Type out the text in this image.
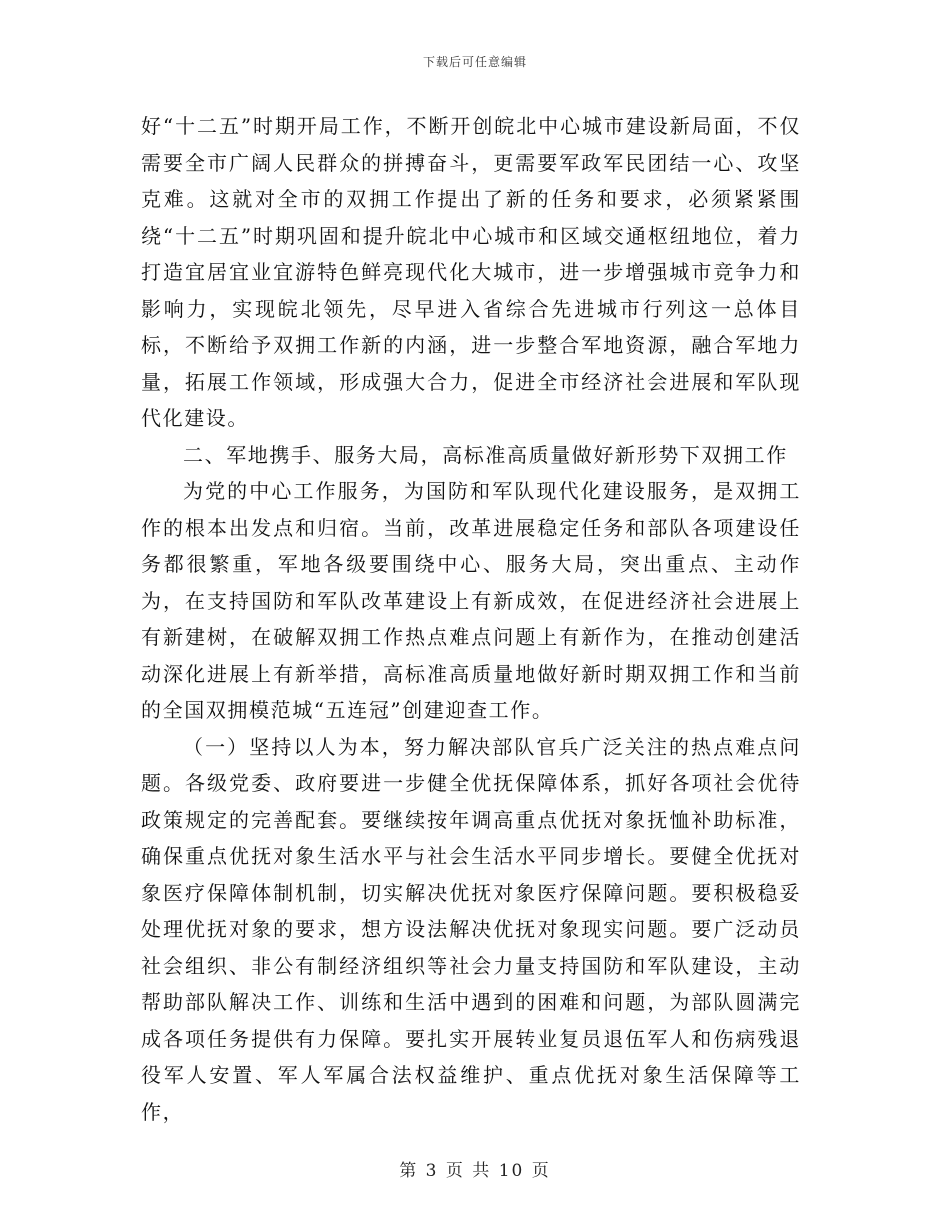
下载后可任意编辑

好“十二五”时期开局工作，不断开创皖北中心城市建设新局面，不仅需要全市广阔人民群众的拼搏奋斗，更需要军政军民团结一心、攻坚克难。这就对全市的双拥工作提出了新的任务和要求，必须紧紧围绕“十二五”时期巩固和提升皖北中心城市和区域交通枢纽地位，着力打造宜居宜业宜游特色鲜亮现代化大城市，进一步增强城市竞争力和影响力，实现皖北领先，尽早进入省综合先进城市行列这一总体目标，不断给予双拥工作新的内涵，进一步整合军地资源，融合军地力量，拓展工作领域，形成强大合力，促进全市经济社会进展和军队现代化建设。

二、军地携手、服务大局，高标准高质量做好新形势下双拥工作

为党的中心工作服务，为国防和军队现代化建设服务，是双拥工作的根本出发点和归宿。当前，改革进展稳定任务和部队各项建设任务都很繁重，军地各级要围绕中心、服务大局，突出重点、主动作为，在支持国防和军队改革建设上有新成效，在促进经济社会进展上有新建树，在破解双拥工作热点难点问题上有新作为，在推动创建活动深化进展上有新举措，高标准高质量地做好新时期双拥工作和当前的全国双拥模范城“五连冠”创建迎查工作。

（一）坚持以人为本，努力解决部队官兵广泛关注的热点难点问题。各级党委、政府要进一步健全优抚保障体系，抓好各项社会优待政策规定的完善配套。要继续按年调高重点优抚对象抚恤补助标准，确保重点优抚对象生活水平与社会生活水平同步增长。要健全优抚对象医疗保障体制机制，切实解决优抚对象医疗保障问题。要积极稳妥处理优抚对象的要求，想方设法解决优抚对象现实问题。要广泛动员社会组织、非公有制经济组织等社会力量支持国防和军队建设，主动帮助部队解决工作、训练和生活中遇到的困难和问题，为部队圆满完成各项任务提供有力保障。要扎实开展转业复员退伍军人和伤病残退役军人安置、军人军属合法权益维护、重点优抚对象生活保障等工作，

第 3 页 共 10 页
